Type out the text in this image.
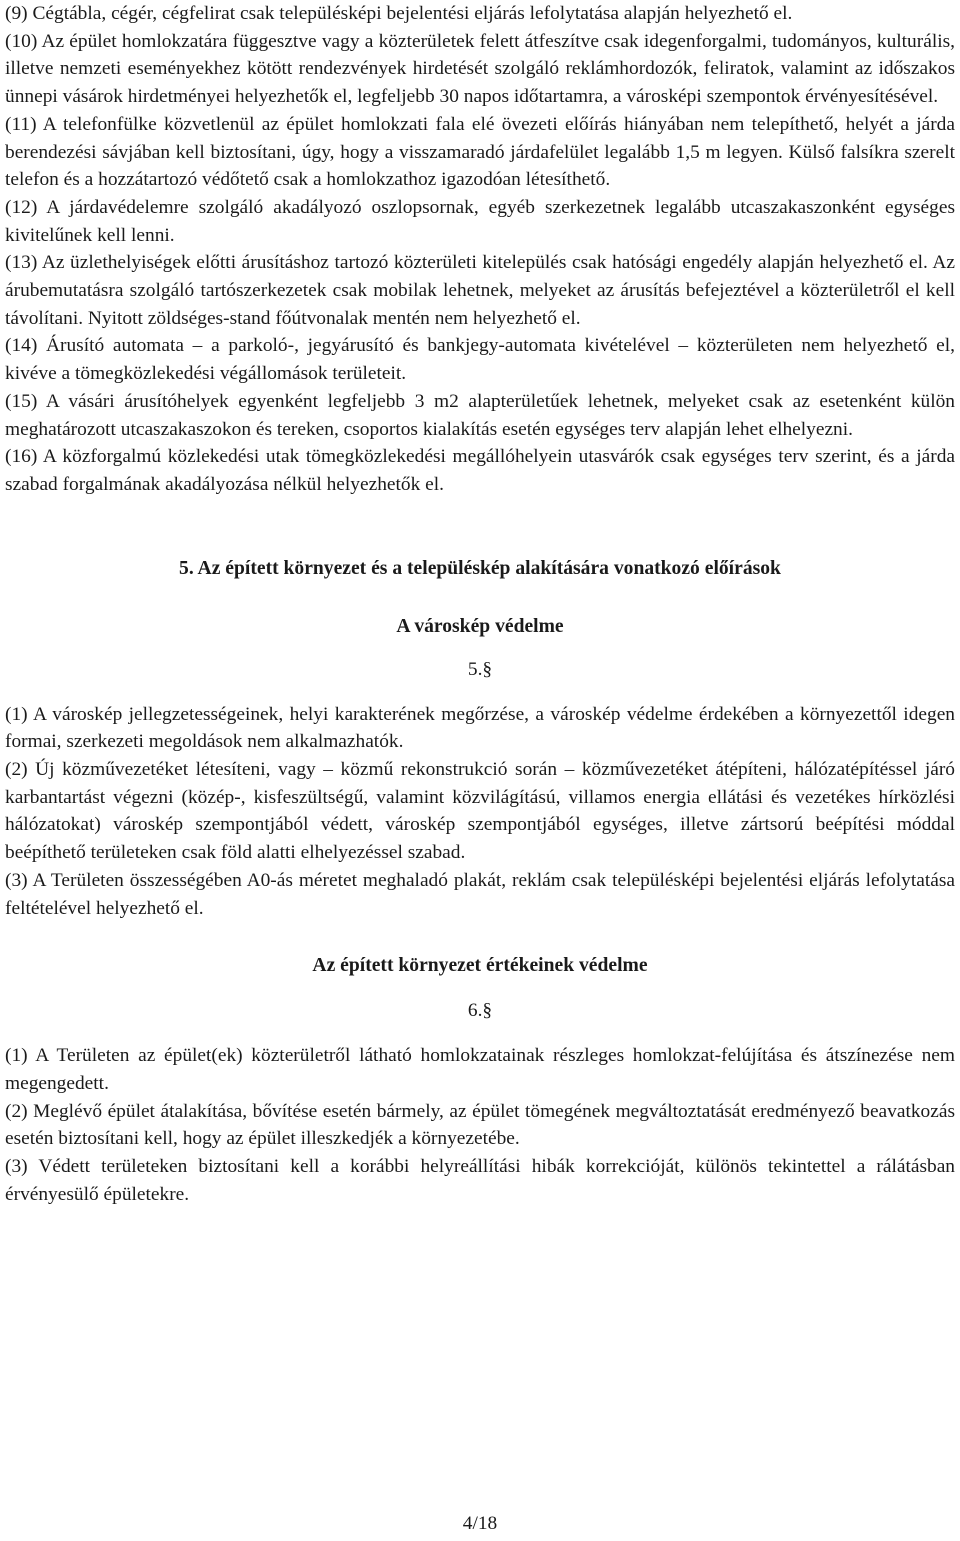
(9) Cégtábla, cégér, cégfelirat csak településképi bejelentési eljárás lefolytatása alapján helyezhető el.

(10) Az épület homlokzatára függesztve vagy a közterületek felett átfeszítve csak idegenforgalmi, tudományos, kulturális, illetve nemzeti eseményekhez kötött rendezvények hirdetését szolgáló reklámhordozók, feliratok, valamint az időszakos ünnepi vásárok hirdetményei helyezhetők el, legfeljebb 30 napos időtartamra, a városképi szempontok érvényesítésével.

(11) A telefonfülke közvetlenül az épület homlokzati fala elé övezeti előírás hiányában nem telepíthető, helyét a járda berendezési sávjában kell biztosítani, úgy, hogy a visszamaradó járdafelület legalább 1,5 m legyen. Külső falsíkra szerelt telefon és a hozzátartozó védőtető csak a homlokzathoz igazodóan létesíthető.

(12) A járdavédelemre szolgáló akadályozó oszlopsornak, egyéb szerkezetnek legalább utcaszakaszonként egységes kivitelűnek kell lenni.

(13) Az üzlethelyiségek előtti árusításhoz tartozó közterületi kitelepülés csak hatósági engedély alapján helyezhető el. Az árubemutatásra szolgáló tartószerkezetek csak mobilak lehetnek, melyeket az árusítás befejeztével a közterületről el kell távolítani. Nyitott zöldséges-stand főútvonalak mentén nem helyezhető el.

(14) Árusító automata – a parkoló-, jegyárusító és bankjegy-automata kivételével – közterületen nem helyezhető el, kivéve a tömegközlekedési végállomások területeit.

(15) A vásári árusítóhelyek egyenként legfeljebb 3 m2 alapterületűek lehetnek, melyeket csak az esetenként külön meghatározott utcaszakaszokon és tereken, csoportos kialakítás esetén egységes terv alapján lehet elhelyezni.

(16) A közforgalmú közlekedési utak tömegközlekedési megállóhelyein utasvárók csak egységes terv szerint, és a járda szabad forgalmának akadályozása nélkül helyezhetők el.

5. Az épített környezet és a településkép alakítására vonatkozó előírások
A városkép védelme
5.§

(1) A városkép jellegzetességeinek, helyi karakterének megőrzése, a városkép védelme érdekében a környezettől idegen formai, szerkezeti megoldások nem alkalmazhatók.

(2) Új közművezetéket létesíteni, vagy – közmű rekonstrukció során – közművezetéket átépíteni, hálózatépítéssel járó karbantartást végezni (közép-, kisfeszültségű, valamint közvilágítású, villamos energia ellátási és vezetékes hírközlési hálózatokat) városkép szempontjából védett, városkép szempontjából egységes, illetve zártsorú beépítési móddal beépíthető területeken csak föld alatti elhelyezéssel szabad.

(3) A Területen összességében A0-ás méretet meghaladó plakát, reklám csak településképi bejelentési eljárás lefolytatása feltételével helyezhető el.

Az épített környezet értékeinek védelme
6.§

(1) A Területen az épület(ek) közterületről látható homlokzatainak részleges homlokzat-felújítása és átszínezése nem megengedett.

(2) Meglévő épület átalakítása, bővítése esetén bármely, az épület tömegének megváltoztatását eredményező beavatkozás esetén biztosítani kell, hogy az épület illeszkedjék a környezetébe.

(3) Védett területeken biztosítani kell a korábbi helyreállítási hibák korrekcióját, különös tekintettel a rálátásban érvényesülő épületekre.

4/18
